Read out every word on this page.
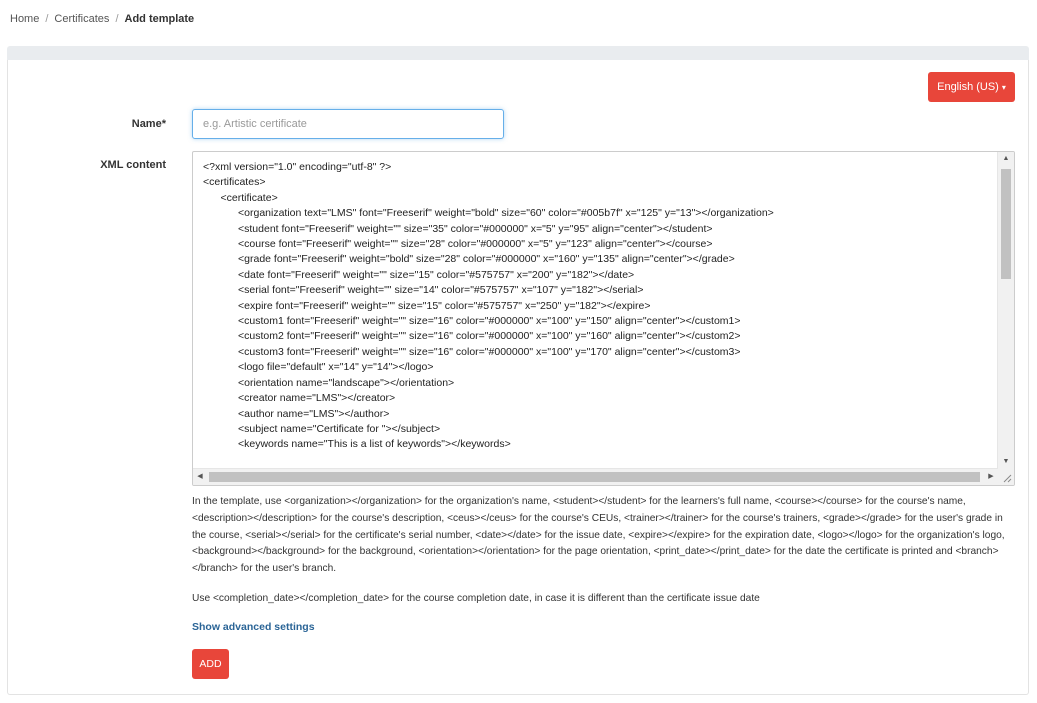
Home / Certificates / Add template
English (US) ▾
Name*
e.g. Artistic certificate
XML content	<?xml version="1.0" encoding="utf-8" ?>
<certificates>
<certificate>
<organization text="LMS" font="Freeserif" weight="bold" size="60" color="#005b7f" x="125" y="13"></organization>
<student font="Freeserif" weight="" size="35" color="#000000" x="5" y="95" align="center"></student>
<course font="Freeserif" weight="" size="28" color="#000000" x="5" y="123" align="center"></course>
<grade font="Freeserif" weight="bold" size="28" color="#000000" x="160" y="135" align="center"></grade>
<date font="Freeserif" weight="" size="15" color="#575757" x="200" y="182"></date>
<serial font="Freeserif" weight="" size="14" color="#575757" x="107" y="182"></serial>
<expire font="Freeserif" weight="" size="15" color="#575757" x="250" y="182"></expire>
<custom1 font="Freeserif" weight="" size="16" color="#000000" x="100" y="150" align="center"></custom1>
<custom2 font="Freeserif" weight="" size="16" color="#000000" x="100" y="160" align="center"></custom2>
<custom3 font="Freeserif" weight="" size="16" color="#000000" x="100" y="170" align="center"></custom3>
<logo file="default" x="14" y="14"></logo>
<orientation name="landscape"></orientation>
<creator name="LMS"></creator>
<author name="LMS"></author>
<subject name="Certificate for "></subject>
<keywords name="This is a list of keywords"></keywords>
▲
▼
◀	▶
In the template, use <organization></organization> for the organization's name, <student></student> for the learners's full name, <course></course> for the course's name, <description></description> for the course's description, <ceus></ceus> for the course's CEUs, <trainer></trainer> for the course's trainers, <grade></grade> for the user's grade in the course, <serial></serial> for the certificate's serial number, <date></date> for the issue date, <expire></expire> for the expiration date, <logo></logo> for the organization's logo, <background></background> for the background, <orientation></orientation> for the page orientation, <print_date></print_date> for the date the certificate is printed and <branch></branch> for the user's branch.
Use <completion_date></completion_date> for the course completion date, in case it is different than the certificate issue date
Show advanced settings
ADD
